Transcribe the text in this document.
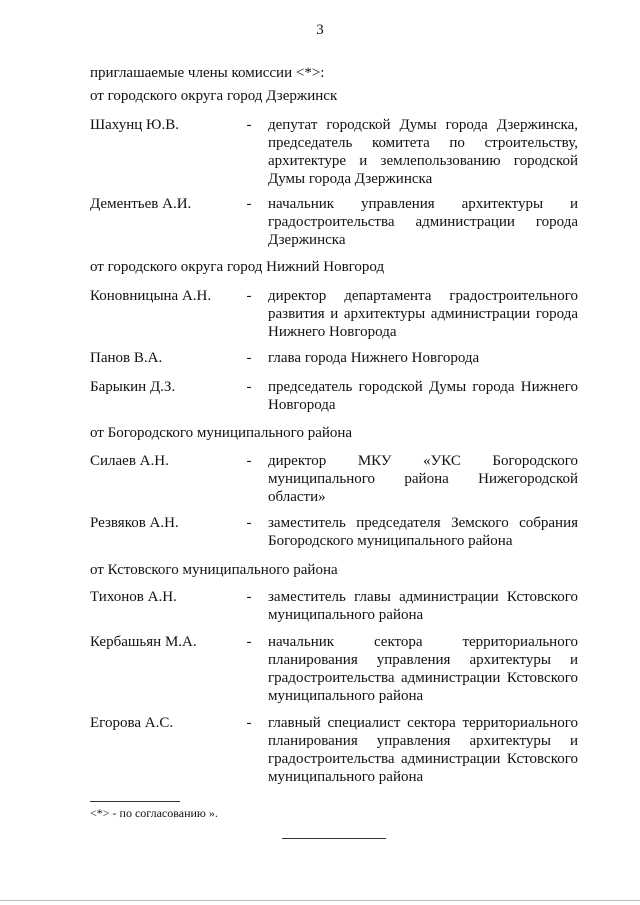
3
приглашаемые члены комиссии <*>:
от городского округа город Дзержинск
Шахунц Ю.В.	- депутат городской Думы города Дзержинска, председатель комитета по строительству, архитектуре и землепользованию городской Думы города Дзержинска
Дементьев А.И.	- начальник управления архитектуры и градостроительства администрации города Дзержинска
от городского округа город Нижний Новгород
Коновницына А.Н.	- директор департамента градостроительного развития и архитектуры администрации города Нижнего Новгорода
Панов В.А.	- глава города Нижнего Новгорода
Барыкин Д.З.	- председатель городской Думы города Нижнего Новгорода
от Богородского муниципального района
Силаев А.Н.	- директор МКУ «УКС Богородского муниципального района Нижегородской области»
Резвяков А.Н.	- заместитель председателя Земского собрания Богородского муниципального района
от Кстовского муниципального района
Тихонов А.Н.	- заместитель главы администрации Кстовского муниципального района
Кербашьян М.А.	- начальник сектора территориального планирования управления архитектуры и градостроительства администрации Кстовского муниципального района
Егорова А.С.	- главный специалист сектора территориального планирования управления архитектуры и градостроительства администрации Кстовского муниципального района
<*> - по согласованию ».
